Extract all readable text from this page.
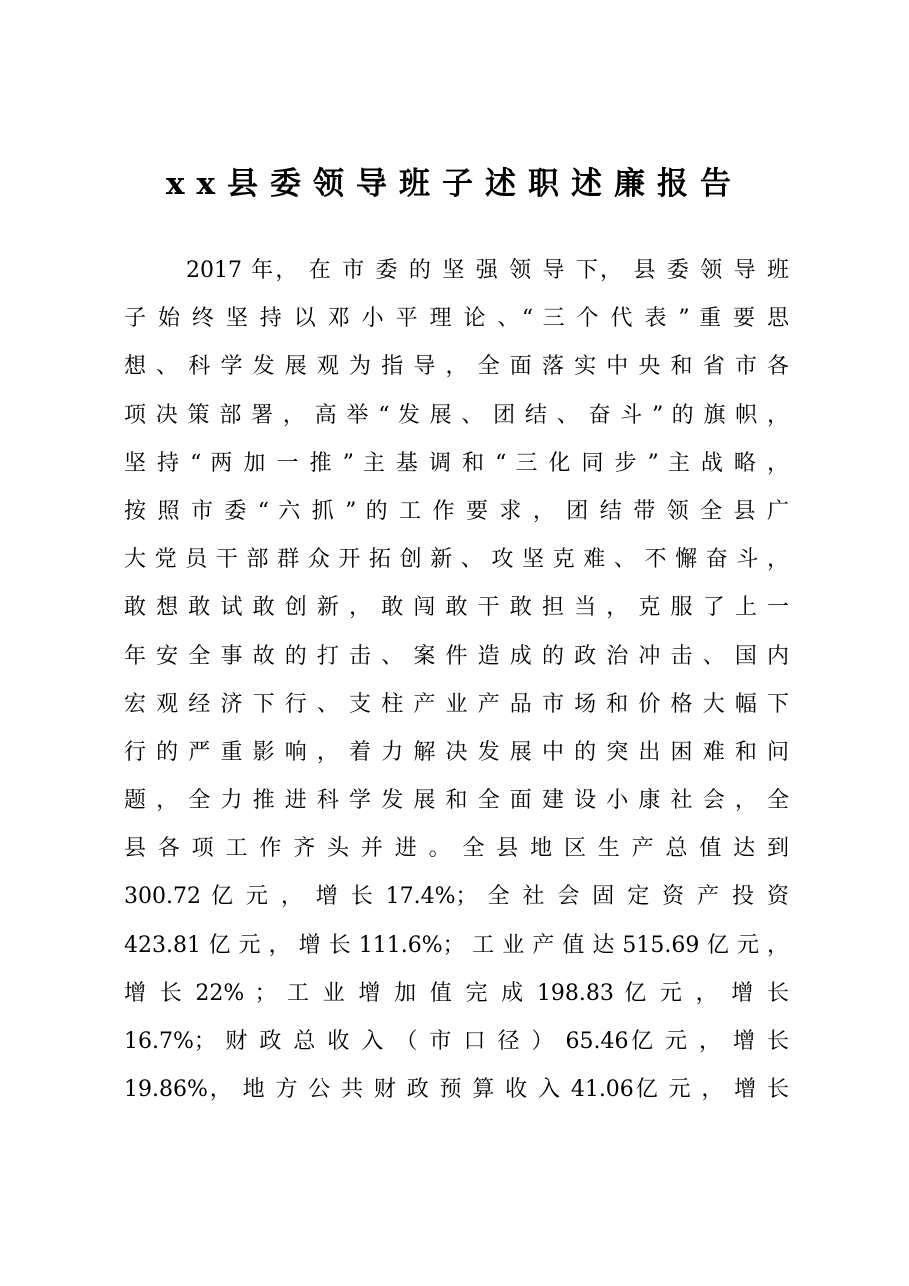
xx县委领导班子述职述廉报告
2017 年， 在 市 委 的 坚 强 领 导 下， 县 委 领 导 班
子 始 终 坚 持 以 邓 小 平 理 论 、“ 三 个 代 表 ” 重 要 思
想 、 科 学 发 展 观 为 指 导 ， 全 面 落 实 中 央 和 省 市 各
项 决 策 部 署 ， 高 举 “ 发 展 、 团 结 、 奋 斗 ” 的 旗 帜 ，
坚 持 “ 两 加 一 推 ” 主 基 调 和 “ 三 化 同 步 ” 主 战 略 ，
按 照 市 委 “ 六 抓 ” 的 工 作 要 求 ， 团 结 带 领 全 县 广
大 党 员 干 部 群 众 开 拓 创 新 、 攻 坚 克 难 、 不 懈 奋 斗 ，
敢 想 敢 试 敢 创 新 ， 敢 闯 敢 干 敢 担 当 ， 克 服 了 上 一
年 安 全 事 故 的 打 击 、 案 件 造 成 的 政 治 冲 击 、 国 内
宏 观 经 济 下 行 、 支 柱 产 业 产 品 市 场 和 价 格 大 幅 下
行 的 严 重 影 响 ， 着 力 解 决 发 展 中 的 突 出 困 难 和 问
题 ， 全 力 推 进 科 学 发 展 和 全 面 建 设 小 康 社 会 ， 全
县 各 项 工 作 齐 头 并 进 。 全 县 地 区 生 产 总 值 达 到
300.72 亿 元 ， 增 长 17.4%； 全 社 会 固 定 资 产 投 资
423.81 亿 元 ， 增 长 111.6%； 工 业 产 值 达 515.69 亿 元 ，
增 长 22% ； 工 业 增 加 值 完 成 198.83 亿 元 ， 增 长
16.7%； 财 政 总 收 入 （ 市 口 径 ） 65.46亿 元 ， 增 长
19.86%， 地 方 公 共 财 政 预 算 收 入 41.06亿 元 ， 增 长
